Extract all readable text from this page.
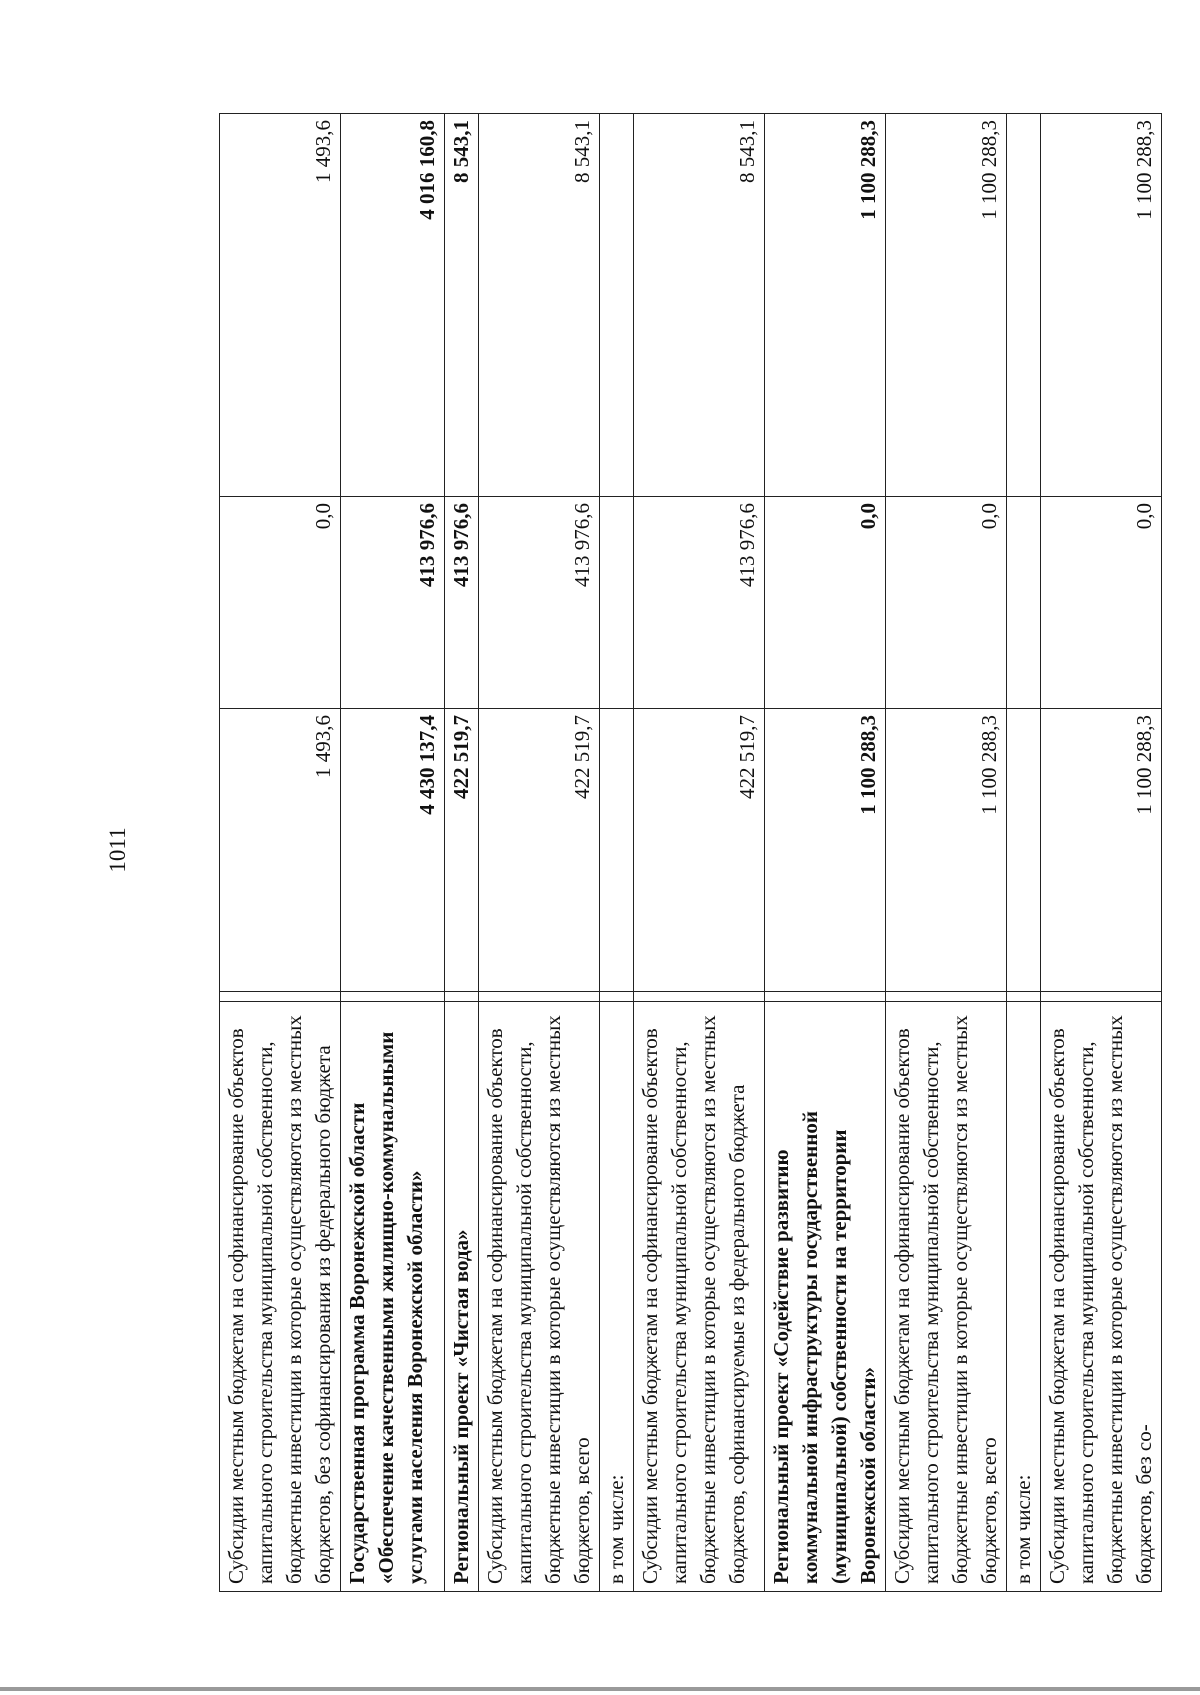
1011
Субсидии местным бюджетам на софинансирование объектов капитального строительства муниципальной собственности, бюджетные инвестиции в которые осуществляются из местных бюджетов, без софинансирования из федерального бюджета		1 493,6	0,0	1 493,6
Государственная программа Воронежской области «Обеспечение качественными жилищно-коммунальными услугами населения Воронежской области»		4 430 137,4	413 976,6	4 016 160,8
Региональный проект «Чистая вода»		422 519,7	413 976,6	8 543,1
Субсидии местным бюджетам на софинансирование объектов капитального строительства муниципальной собственности, бюджетные инвестиции в которые осуществляются из местных бюджетов, всего		422 519,7	413 976,6	8 543,1
в том числе:				
Субсидии местным бюджетам на софинансирование объектов капитального строительства муниципальной собственности, бюджетные инвестиции в которые осуществляются из местных бюджетов, софинансируемые из федерального бюджета		422 519,7	413 976,6	8 543,1
Региональный проект «Содействие развитию коммунальной инфраструктуры государственной (муниципальной) собственности на территории Воронежской области»		1 100 288,3	0,0	1 100 288,3
Субсидии местным бюджетам на софинансирование объектов капитального строительства муниципальной собственности, бюджетные инвестиции в которые осуществляются из местных бюджетов, всего		1 100 288,3	0,0	1 100 288,3
в том числе:				
Субсидии местным бюджетам на софинансирование объектов капитального строительства муниципальной собственности, бюджетные инвестиции в которые осуществляются из местных бюджетов, без со-		1 100 288,3	0,0	1 100 288,3
